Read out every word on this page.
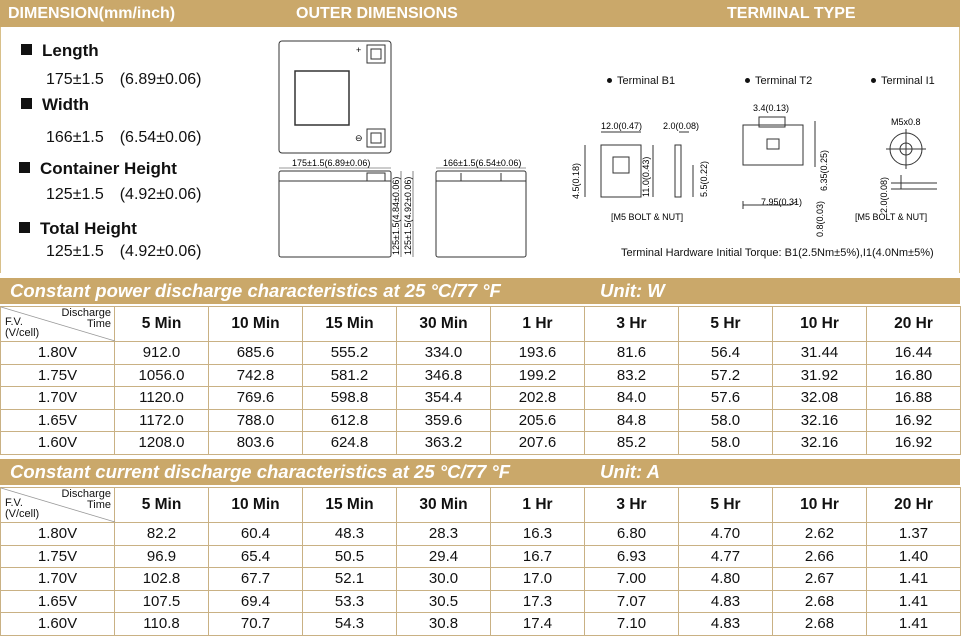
DIMENSION(mm/inch)	OUTER DIMENSIONS	TERMINAL TYPE
Length
175±1.5 (6.89±0.06)
Width
166±1.5 (6.54±0.06)
Container Height
125±1.5 (4.92±0.06)
Total Height
125±1.5 (4.92±0.06)
+
⊖
175±1.5(6.89±0.06)
125±1.5(4.84±0.06) 125±1.5(4.92±0.06)
166±1.5(6.54±0.06)
Terminal B1	Terminal T2	Terminal I1
12.0(0.47) 2.0(0.08)
4.5(0.18)	11.0(0.43)	5.5(0.22)
[M5 BOLT & NUT]
3.4(0.13)
6.35(0.25)
7.95(0.31) 0.8(0.03)
M5x0.8
2.0(0.08)
[M5 BOLT & NUT]
Terminal Hardware Initial Torque: B1(2.5Nm±5%),I1(4.0Nm±5%)
Constant power discharge characteristics at 25 °C/77 °F	Unit: W
Discharge
Time
F.V.
(V/cell)	5 Min	10 Min	15 Min	30 Min	1 Hr	3 Hr	5 Hr	10 Hr	20 Hr
1.80V	912.0	685.6	555.2	334.0	193.6	81.6	56.4	31.44	16.44
1.75V	1056.0	742.8	581.2	346.8	199.2	83.2	57.2	31.92	16.80
1.70V	1120.0	769.6	598.8	354.4	202.8	84.0	57.6	32.08	16.88
1.65V	1172.0	788.0	612.8	359.6	205.6	84.8	58.0	32.16	16.92
1.60V	1208.0	803.6	624.8	363.2	207.6	85.2	58.0	32.16	16.92
Constant current discharge characteristics at 25 °C/77 °F	Unit: A
Discharge
Time
F.V.
(V/cell)	5 Min	10 Min	15 Min	30 Min	1 Hr	3 Hr	5 Hr	10 Hr	20 Hr
1.80V	82.2	60.4	48.3	28.3	16.3	6.80	4.70	2.62	1.37
1.75V	96.9	65.4	50.5	29.4	16.7	6.93	4.77	2.66	1.40
1.70V	102.8	67.7	52.1	30.0	17.0	7.00	4.80	2.67	1.41
1.65V	107.5	69.4	53.3	30.5	17.3	7.07	4.83	2.68	1.41
1.60V	110.8	70.7	54.3	30.8	17.4	7.10	4.83	2.68	1.41
